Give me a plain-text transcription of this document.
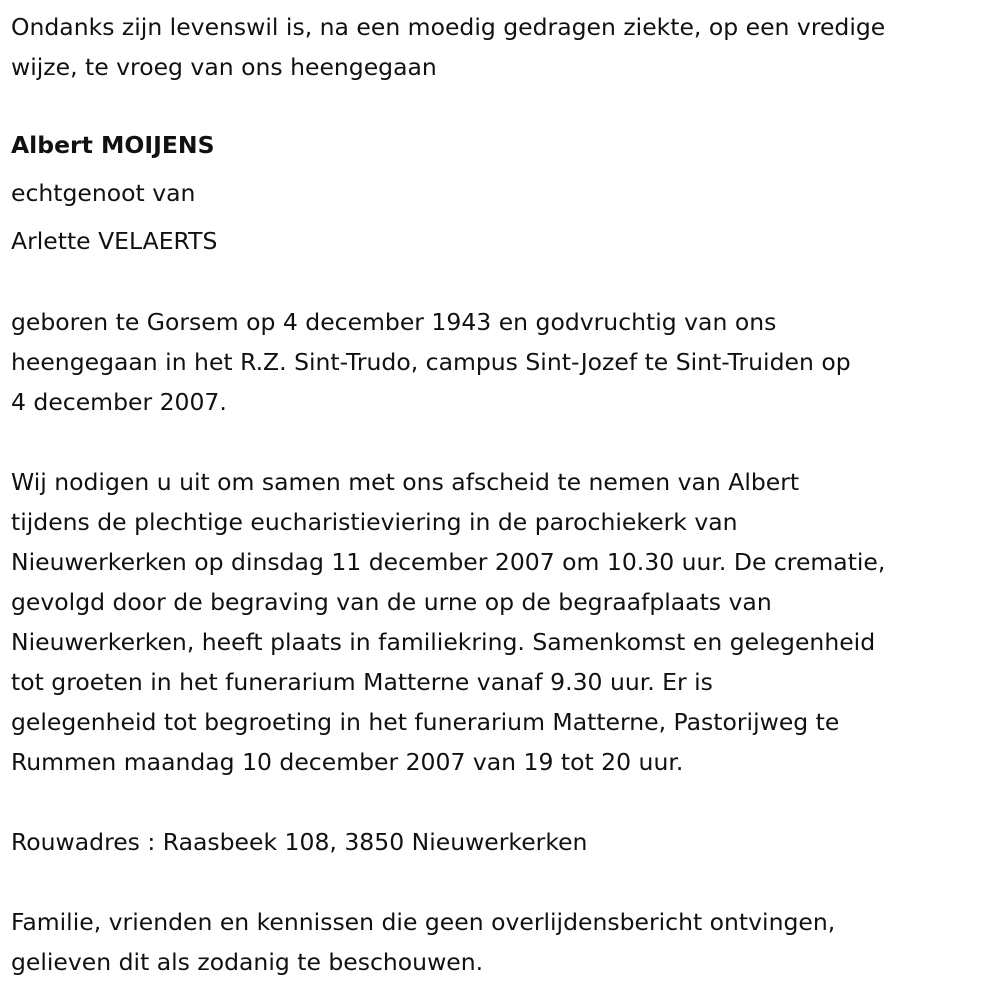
Ondanks zijn levenswil is, na een moedig gedragen ziekte, op een vredige
wijze, te vroeg van ons heengegaan
Albert MOIJENS
echtgenoot van
Arlette VELAERTS
geboren te Gorsem op 4 december 1943 en godvruchtig van ons
heengegaan in het R.Z. Sint-Trudo, campus Sint-Jozef te Sint-Truiden op
4 december 2007.
Wij nodigen u uit om samen met ons afscheid te nemen van Albert
tijdens de plechtige eucharistieviering in de parochiekerk van
Nieuwerkerken op dinsdag 11 december 2007 om 10.30 uur. De crematie,
gevolgd door de begraving van de urne op de begraafplaats van
Nieuwerkerken, heeft plaats in familiekring. Samenkomst en gelegenheid
tot groeten in het funerarium Matterne vanaf 9.30 uur. Er is
gelegenheid tot begroeting in het funerarium Matterne, Pastorijweg te
Rummen maandag 10 december 2007 van 19 tot 20 uur.
Rouwadres : Raasbeek 108, 3850 Nieuwerkerken
Familie, vrienden en kennissen die geen overlijdensbericht ontvingen,
gelieven dit als zodanig te beschouwen.
